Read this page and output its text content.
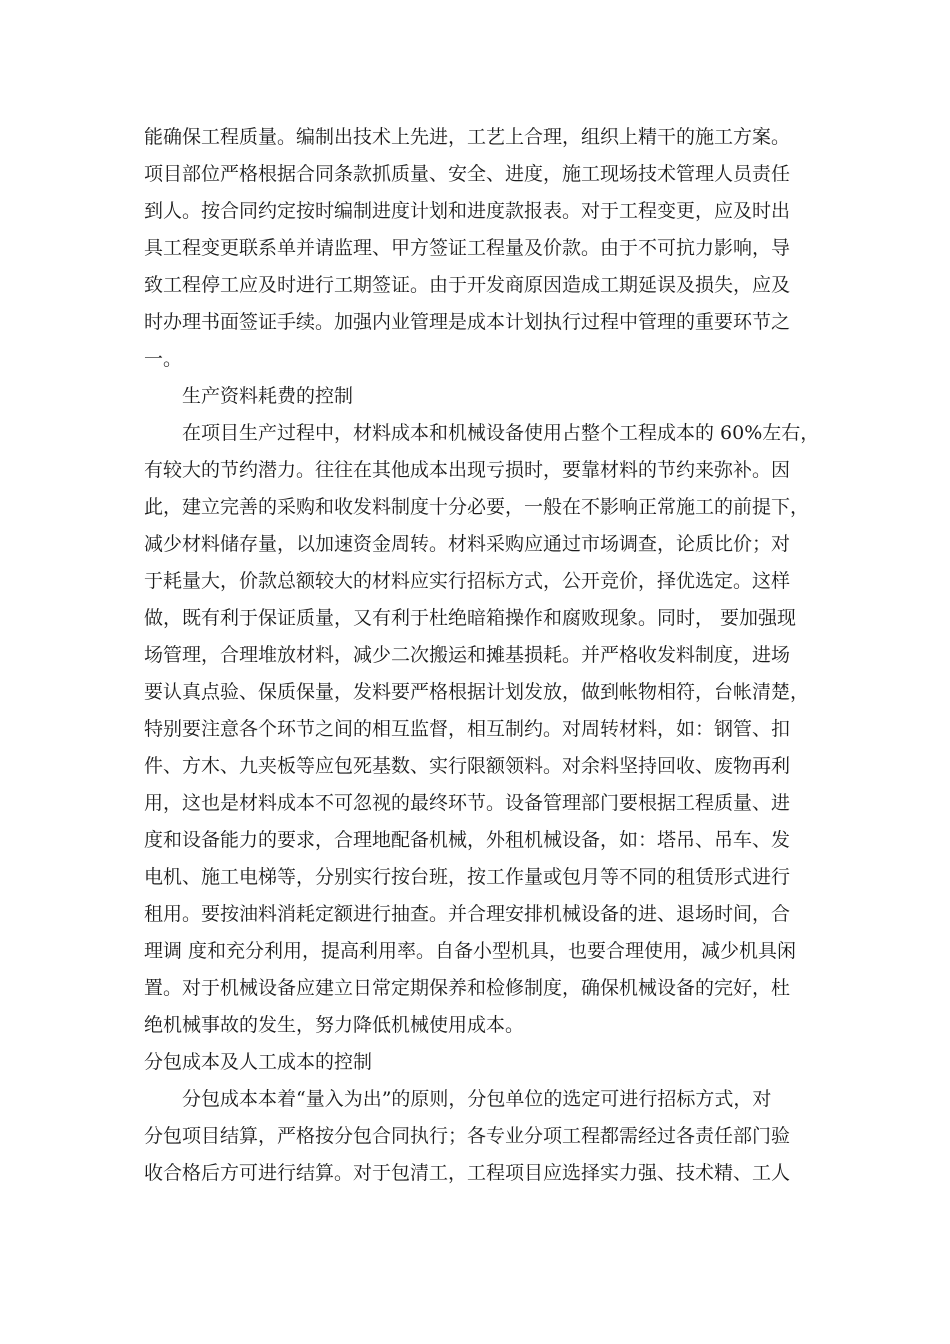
能确保工程质量。编制出技术上先进，工艺上合理，组织上精干的施工方案。
项目部位严格根据合同条款抓质量、安全、进度，施工现场技术管理人员责任
到人。按合同约定按时编制进度计划和进度款报表。对于工程变更，应及时出
具工程变更联系单并请监理、甲方签证工程量及价款。由于不可抗力影响，导
致工程停工应及时进行工期签证。由于开发商原因造成工期延误及损失，应及
时办理书面签证手续。加强内业管理是成本计划执行过程中管理的重要环节之
一。
生产资料耗费的控制
在项目生产过程中，材料成本和机械设备使用占整个工程成本的 60%左右，
有较大的节约潜力。往往在其他成本出现亏损时，要靠材料的节约来弥补。因
此，建立完善的采购和收发料制度十分必要，一般在不影响正常施工的前提下，
减少材料储存量，以加速资金周转。材料采购应通过市场调查，论质比价；对
于耗量大，价款总额较大的材料应实行招标方式，公开竞价，择优选定。这样
做，既有利于保证质量，又有利于杜绝暗箱操作和腐败现象。同时， 要加强现
场管理，合理堆放材料，减少二次搬运和摊基损耗。并严格收发料制度，进场
要认真点验、保质保量，发料要严格根据计划发放，做到帐物相符，台帐清楚，
特别要注意各个环节之间的相互监督，相互制约。对周转材料，如：钢管、扣
件、方木、九夹板等应包死基数、实行限额领料。对余料坚持回收、废物再利
用，这也是材料成本不可忽视的最终环节。设备管理部门要根据工程质量、进
度和设备能力的要求，合理地配备机械，外租机械设备，如：塔吊、吊车、发
电机、施工电梯等，分别实行按台班，按工作量或包月等不同的租赁形式进行
租用。要按油料消耗定额进行抽查。并合理安排机械设备的进、退场时间，合
理调 度和充分利用，提高利用率。自备小型机具，也要合理使用，减少机具闲
置。对于机械设备应建立日常定期保养和检修制度，确保机械设备的完好，杜
绝机械事故的发生，努力降低机械使用成本。
分包成本及人工成本的控制
分包成本本着“量入为出”的原则，分包单位的选定可进行招标方式，对
分包项目结算，严格按分包合同执行；各专业分项工程都需经过各责任部门验
收合格后方可进行结算。对于包清工，工程项目应选择实力强、技术精、工人
